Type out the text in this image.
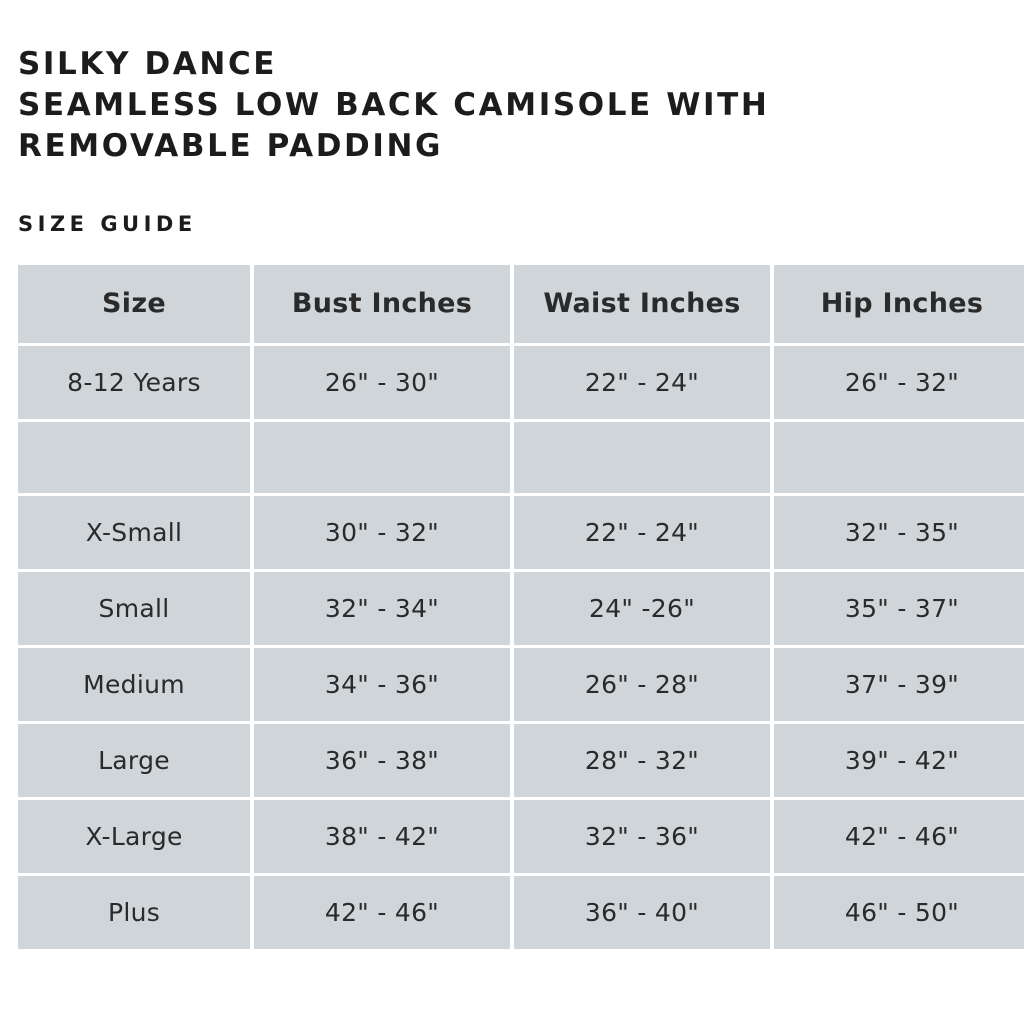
SILKY DANCE
SEAMLESS LOW BACK CAMISOLE WITH
REMOVABLE PADDING
SIZE GUIDE
Size	Bust Inches	Waist Inches	Hip Inches
8-12 Years	26" - 30"	22" - 24"	26" - 32"

X-Small	30" - 32"	22" - 24"	32" - 35"
Small	32" - 34"	24" -26"	35" - 37"
Medium	34" - 36"	26" - 28"	37" - 39"
Large	36" - 38"	28" - 32"	39" - 42"
X-Large	38" - 42"	32" - 36"	42" - 46"
Plus	42" - 46"	36" - 40"	46" - 50"
